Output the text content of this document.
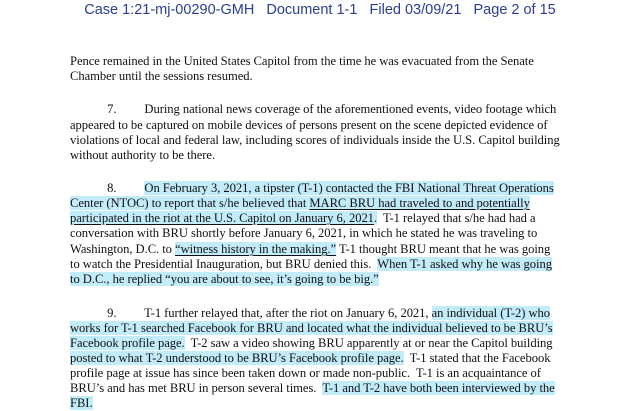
Case 1:21-mj-00290-GMH   Document 1-1   Filed 03/09/21   Page 2 of 15
Pence remained in the United States Capitol from the time he was evacuated from the Senate
Chamber until the sessions resumed.
7.         During national news coverage of the aforementioned events, video footage which
appeared to be captured on mobile devices of persons present on the scene depicted evidence of
violations of local and federal law, including scores of individuals inside the U.S. Capitol building
without authority to be there.
8.         On February 3, 2021, a tipster (T-1) contacted the FBI National Threat Operations
Center (NTOC) to report that s/he believed that MARC BRU had traveled to and potentially
participated in the riot at the U.S. Capitol on January 6, 2021.  T-1 relayed that s/he had had a
conversation with BRU shortly before January 6, 2021, in which he stated he was traveling to
Washington, D.C. to “witness history in the making.” T-1 thought BRU meant that he was going
to watch the Presidential Inauguration, but BRU denied this.  When T-1 asked why he was going
to D.C., he replied “you are about to see, it’s going to be big.”
9.         T-1 further relayed that, after the riot on January 6, 2021, an individual (T-2) who
works for T-1 searched Facebook for BRU and located what the individual believed to be BRU’s
Facebook profile page.  T-2 saw a video showing BRU apparently at or near the Capitol building
posted to what T-2 understood to be BRU’s Facebook profile page.  T-1 stated that the Facebook
profile page at issue has since been taken down or made non-public.  T-1 is an acquaintance of
BRU’s and has met BRU in person several times.  T-1 and T-2 have both been interviewed by the
FBI.
